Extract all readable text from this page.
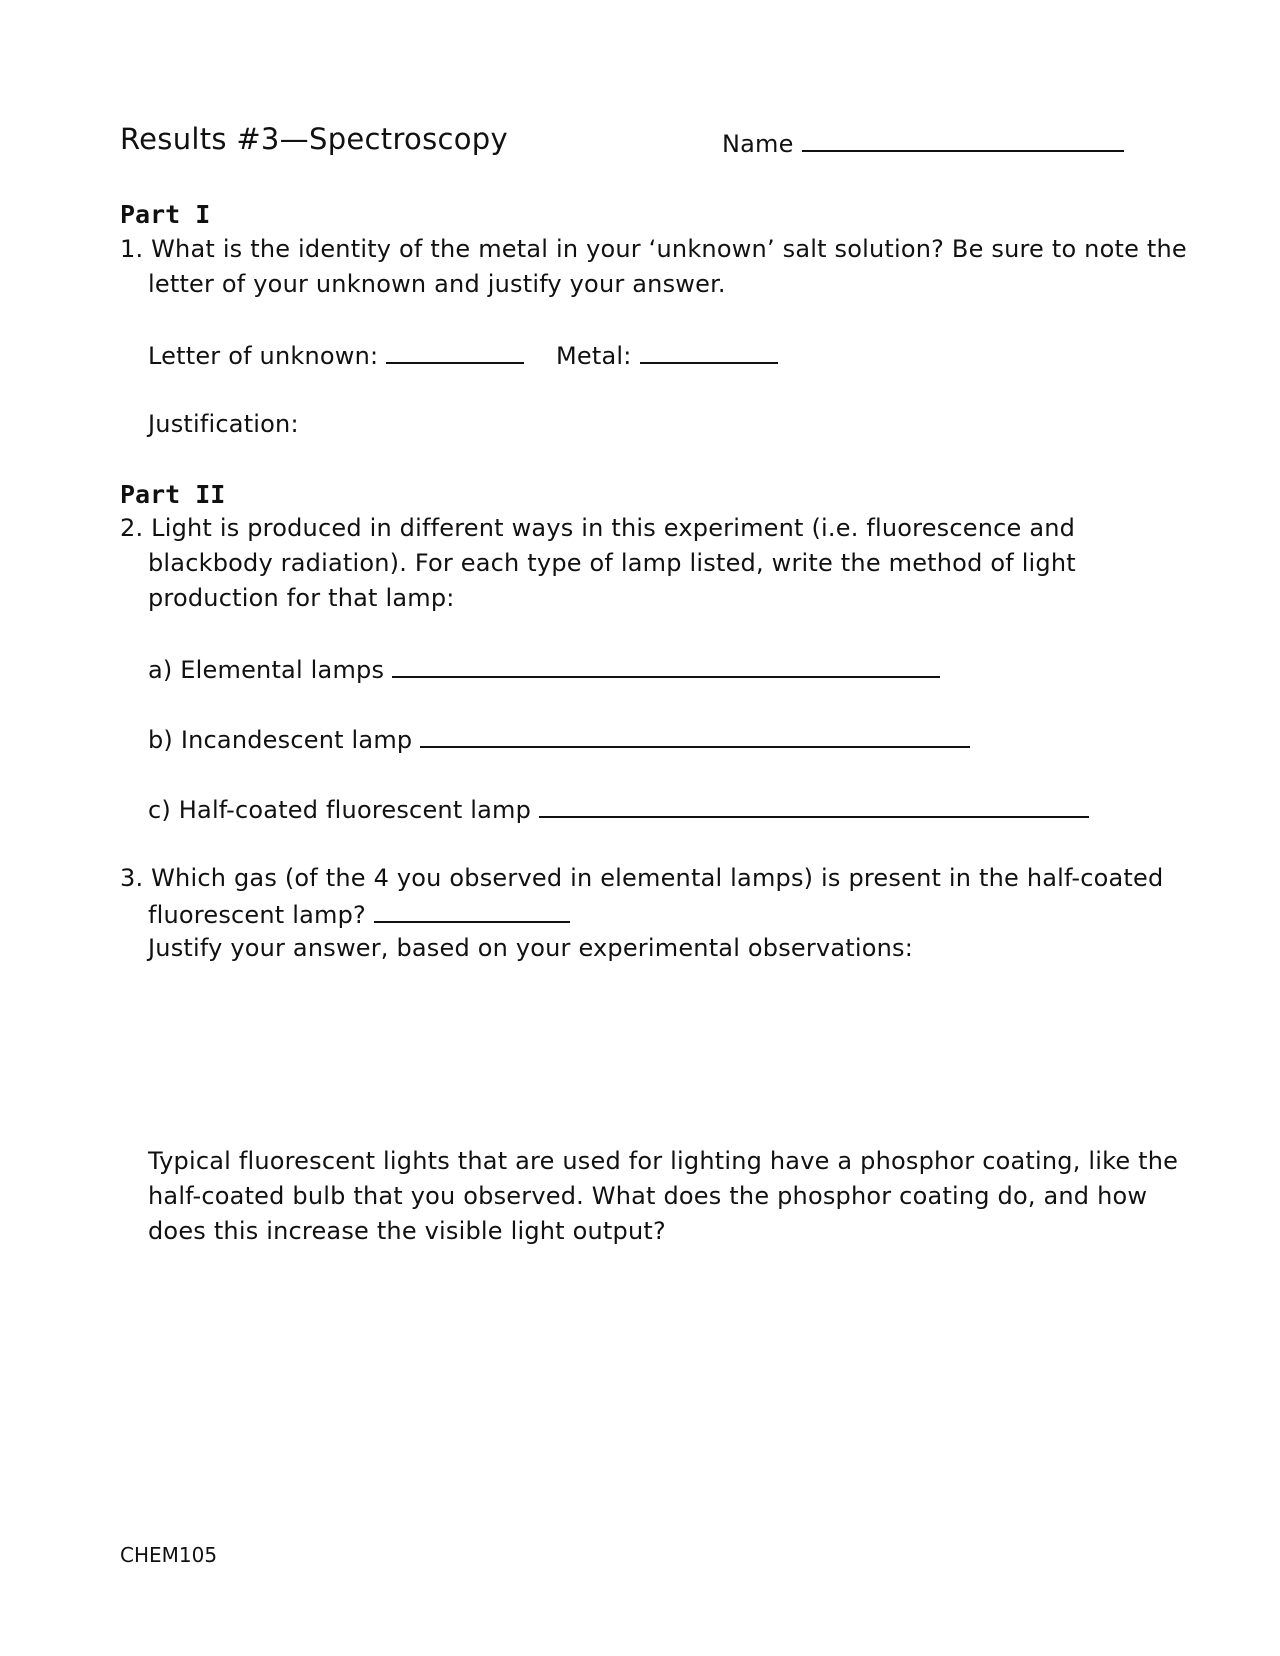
Results #3—Spectroscopy	Name
Part I
1. What is the identity of the metal in your ‘unknown’ salt solution? Be sure to note the
letter of your unknown and justify your answer.
Letter of unknown:	Metal:
Justification:
Part II
2. Light is produced in different ways in this experiment (i.e. fluorescence and
blackbody radiation). For each type of lamp listed, write the method of light
production for that lamp:
a) Elemental lamps
b) Incandescent lamp
c) Half-coated fluorescent lamp
3. Which gas (of the 4 you observed in elemental lamps) is present in the half-coated
fluorescent lamp?
Justify your answer, based on your experimental observations:
Typical fluorescent lights that are used for lighting have a phosphor coating, like the
half-coated bulb that you observed. What does the phosphor coating do, and how
does this increase the visible light output?
CHEM105
